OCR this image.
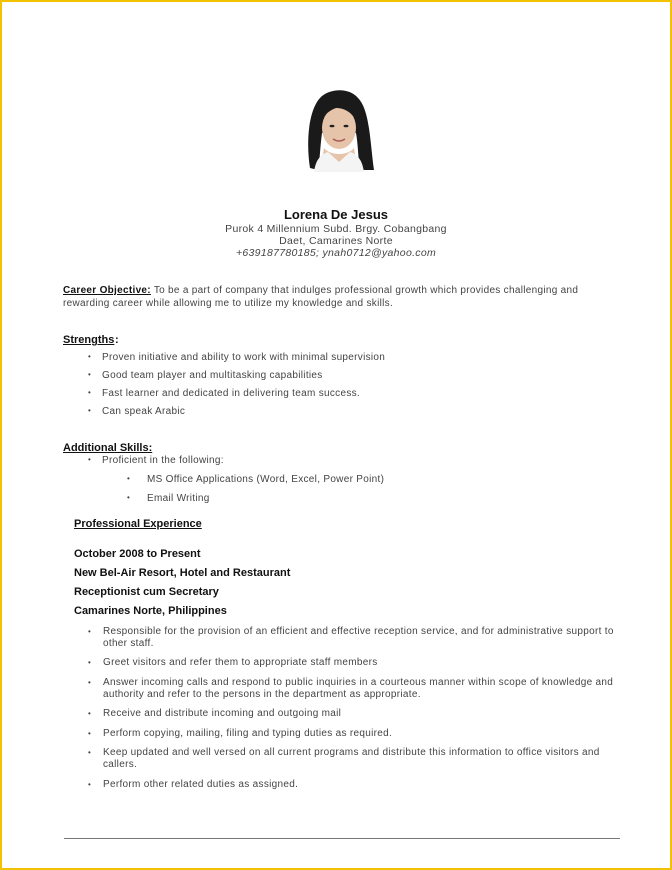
Lorena De Jesus
Purok 4 Millennium Subd. Brgy. Cobangbang
Daet, Camarines Norte
+639187780185; ynah0712@yahoo.com
Career Objective: To be a part of company that indulges professional growth which provides challenging and rewarding career while allowing me to utilize my knowledge and skills.
Strengths :
• Proven initiative and ability to work with minimal supervision
• Good team player and multitasking capabilities
• Fast learner and dedicated in delivering team success.
• Can speak Arabic
Additional Skills:
• Proficient in the following:
• MS Office Applications (Word, Excel, Power Point)
• Email Writing
Professional Experience
October 2008 to Present
New Bel-Air Resort, Hotel and Restaurant
Receptionist cum Secretary
Camarines Norte, Philippines
• Responsible for the provision of an efficient and effective reception service, and for administrative support to other staff.
• Greet visitors and refer them to appropriate staff members
• Answer incoming calls and respond to public inquiries in a courteous manner within scope of knowledge and authority and refer to the persons in the department as appropriate.
• Receive and distribute incoming and outgoing mail
• Perform copying, mailing, filing and typing duties as required.
• Keep updated and well versed on all current programs and distribute this information to office visitors and callers.
• Perform other related duties as assigned.
